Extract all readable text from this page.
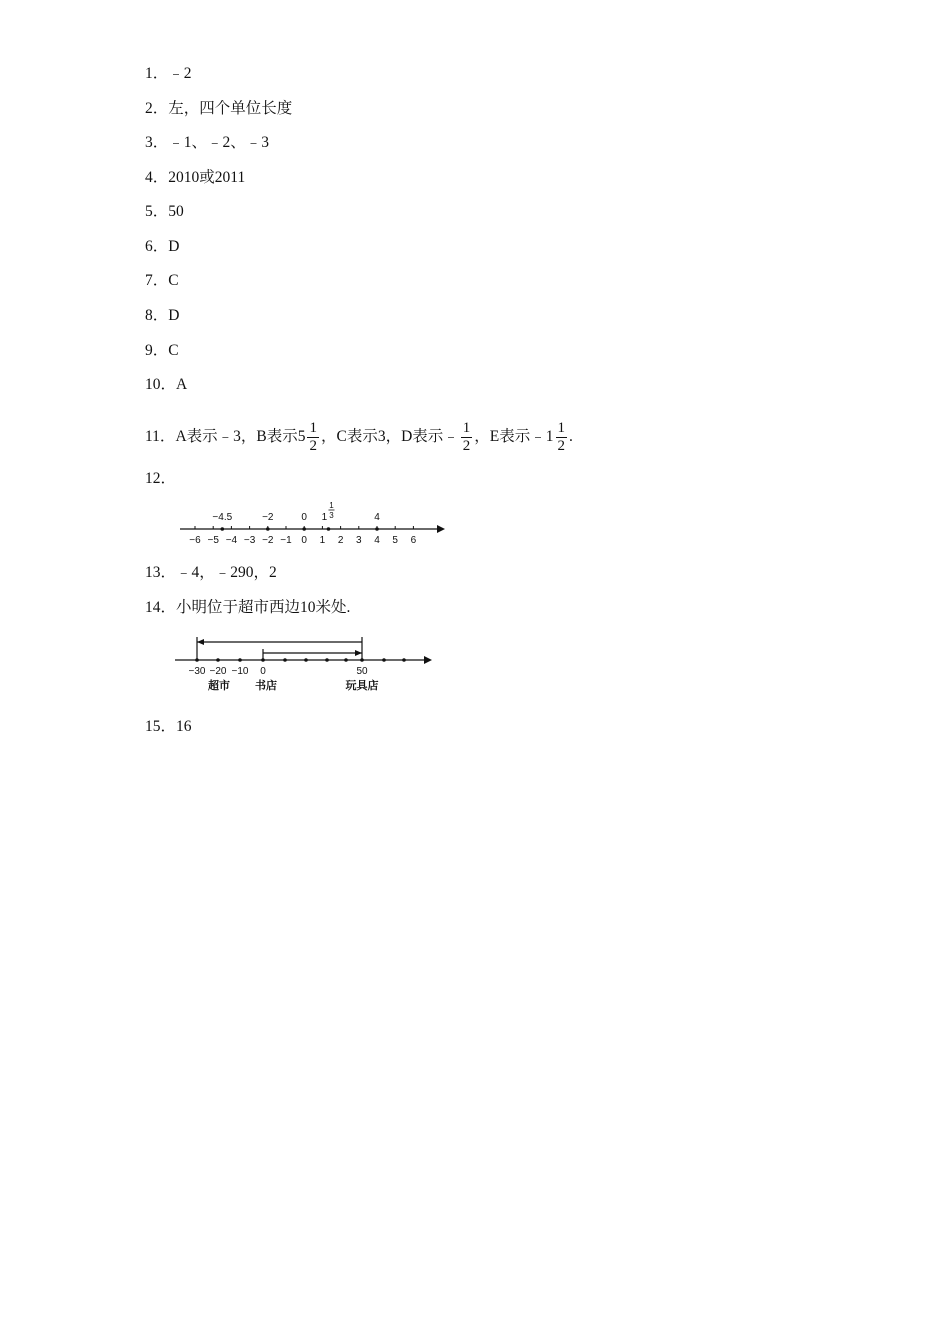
1．﹣2
2．左，四个单位长度
3．﹣1、﹣2、﹣3
4．2010或2011
5．50
6．D
7．C
8．D
9．C
10．A
11．A表示﹣3，B表示$5 \frac{1}{2}$ ，C表示3，D表示﹣ $\frac{1}{2}$ ，E表示﹣1 $\frac{1}{2}$ .
12．
−6 −5 −4 −3 −2 −1 0 1 2 3 4 5 6
−4.5	−2	0 1
1
3	4
13．﹣4，﹣290，2
14．小明位于超市西边10米处.
−30 −20 −10 0	50
超市 书店	玩具店
15．16
